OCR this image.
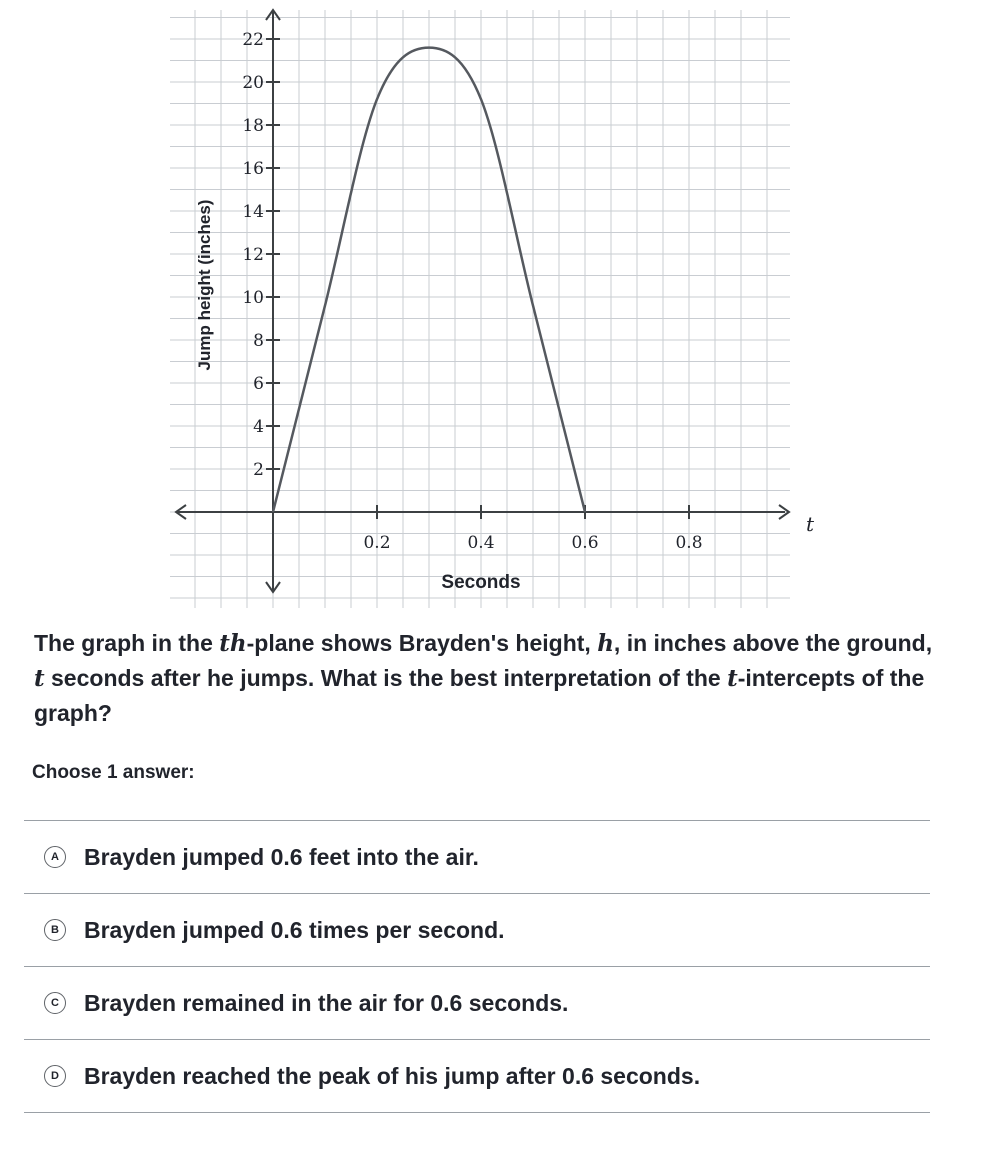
2
4
6
8
10
12
14
16
18
20
22
0.2	0.4	0.6	0.8
Jump height (inches)
Seconds
t
The graph in the th-plane shows Brayden's height, h, in inches above the ground, t seconds after he jumps. What is the best interpretation of the t-intercepts of the graph?
Choose 1 answer:
A	Brayden jumped 0.6 feet into the air.
B	Brayden jumped 0.6 times per second.
C	Brayden remained in the air for 0.6 seconds.
D	Brayden reached the peak of his jump after 0.6 seconds.
